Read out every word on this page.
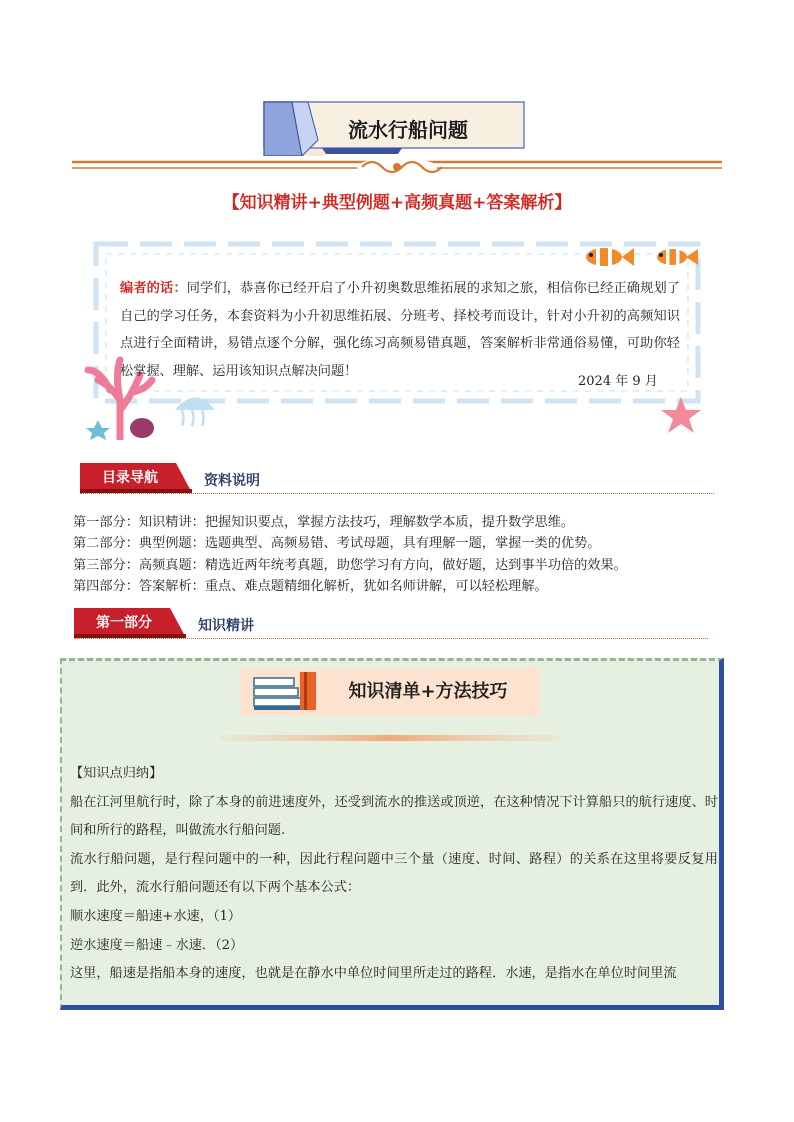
流水行船问题
【知识精讲+典型例题+高频真题+答案解析】
编者的话：同学们，恭喜你已经开启了小升初奥数思维拓展的求知之旅，相信你已经正确规划了自己的学习任务，本套资料为小升初思维拓展、分班考、择校考而设计，针对小升初的高频知识点进行全面精讲，易错点逐个分解，强化练习高频易错真题，答案解析非常通俗易懂，可助你轻松掌握、理解、运用该知识点解决问题！
2024 年 9 月
目录导航	资料说明
第一部分：知识精讲：把握知识要点，掌握方法技巧，理解数学本质，提升数学思维。
第二部分：典型例题：选题典型、高频易错、考试母题，具有理解一题，掌握一类的优势。
第三部分：高频真题：精选近两年统考真题，助您学习有方向，做好题，达到事半功倍的效果。
第四部分：答案解析：重点、难点题精细化解析，犹如名师讲解，可以轻松理解。
第一部分	知识精讲
知识清单+方法技巧

【知识点归纳】

船在江河里航行时，除了本身的前进速度外，还受到流水的推送或顶逆，在这种情况下计算船只的航行速度、时间和所行的路程，叫做流水行船问题.

流水行船问题，是行程问题中的一种，因此行程问题中三个量（速度、时间、路程）的关系在这里将要反复用到．此外，流水行船问题还有以下两个基本公式：

顺水速度＝船速+水速，（1）

逆水速度＝船速﹣水速．（2）

这里，船速是指船本身的速度，也就是在静水中单位时间里所走过的路程．水速，是指水在单位时间里流
